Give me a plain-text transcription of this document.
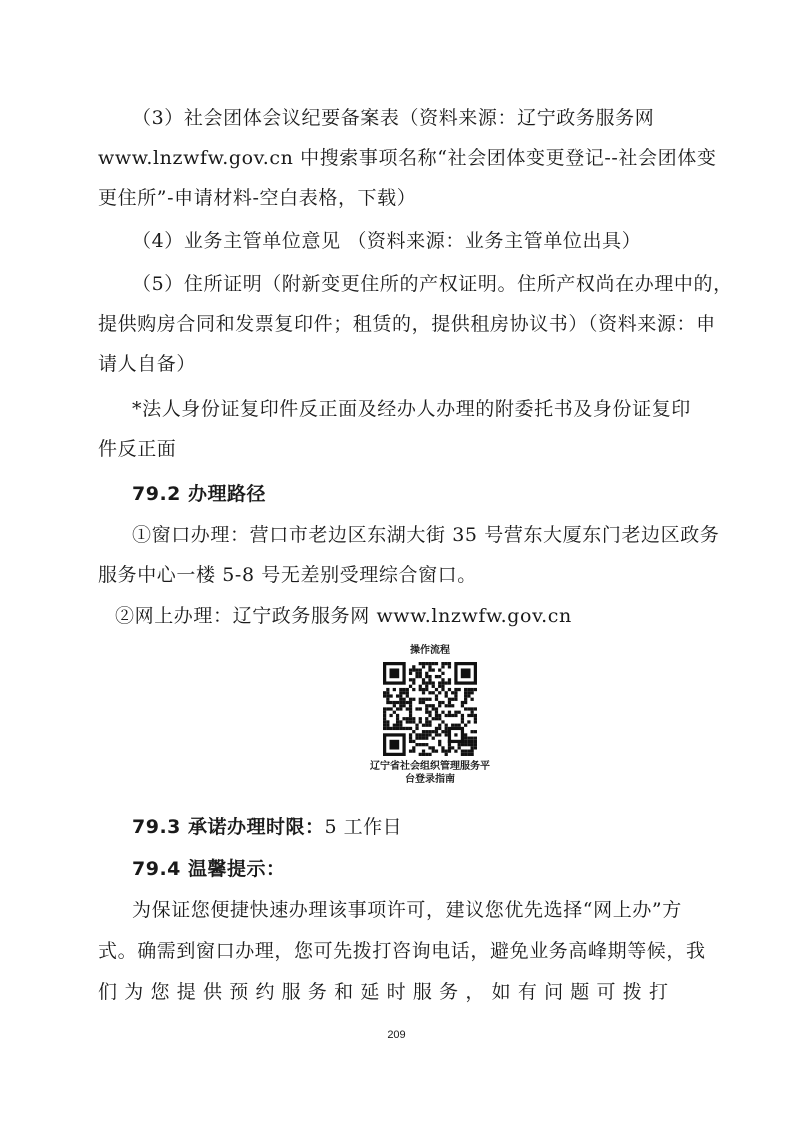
（3）社会团体会议纪要备案表（资料来源：辽宁政务服务网
www.lnzwfw.gov.cn 中搜索事项名称“社会团体变更登记--社会团体变
更住所”-申请材料-空白表格，下载）
（4）业务主管单位意见 （资料来源：业务主管单位出具）
（5）住所证明（附新变更住所的产权证明。住所产权尚在办理中的，
提供购房合同和发票复印件；租赁的，提供租房协议书）（资料来源：申
请人自备）
*法人身份证复印件反正面及经办人办理的附委托书及身份证复印
件反正面
79.2 办理路径
①窗口办理：营口市老边区东湖大街 35 号营东大厦东门老边区政务
服务中心一楼 5-8 号无差别受理综合窗口。
②网上办理：辽宁政务服务网 www.lnzwfw.gov.cn
操作流程
辽宁省社会组织管理服务平
台登录指南
79.3 承诺办理时限：5 工作日
79.4 温馨提示：
为保证您便捷快速办理该事项许可，建议您优先选择“网上办”方
式。确需到窗口办理，您可先拨打咨询电话，避免业务高峰期等候，我
们 为 您 提 供 预 约 服 务 和 延 时 服 务 ， 如 有 问 题 可 拨 打
209
